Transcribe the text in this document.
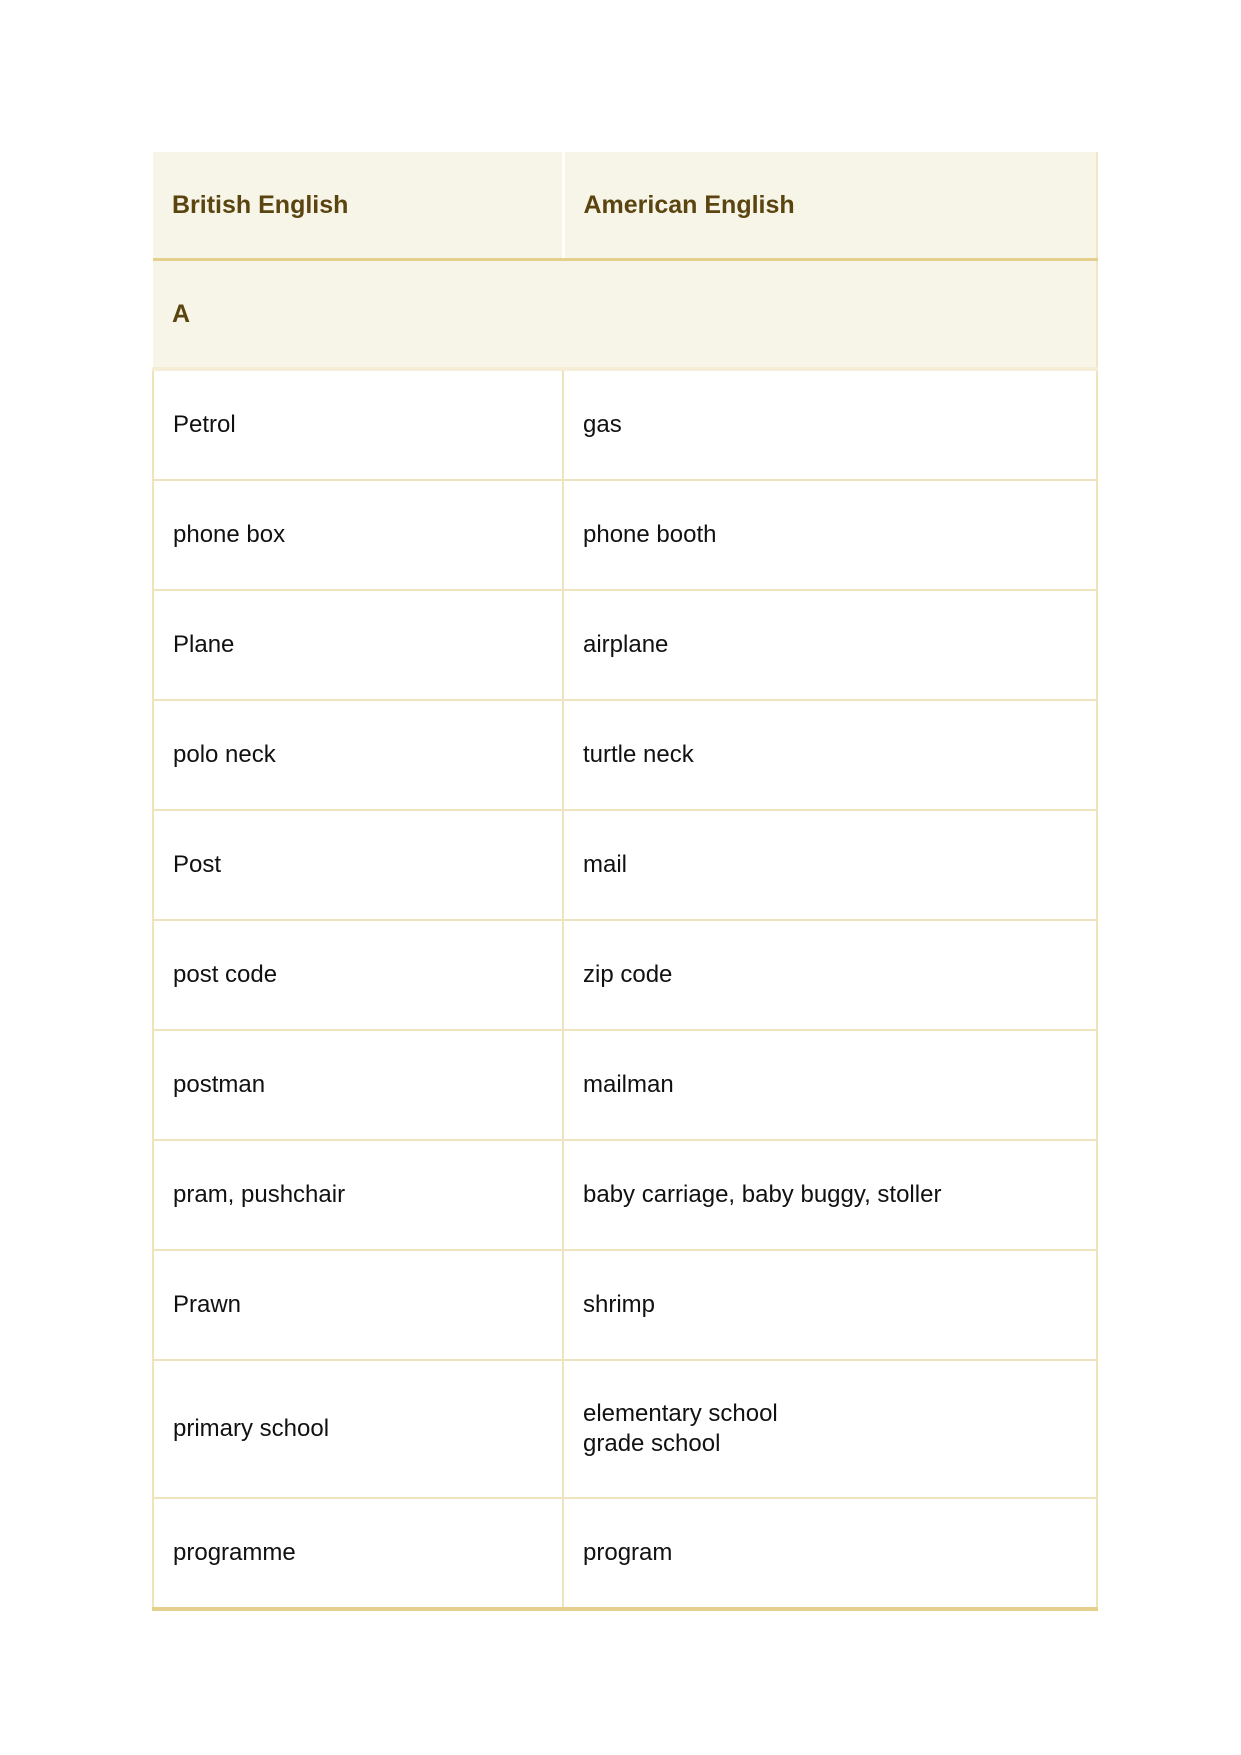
British English	American English
A	
Petrol	gas

phone box	phone booth

Plane	airplane

polo neck	turtle neck

Post	mail

post code	zip code

postman	mailman

pram, pushchair	baby carriage, baby buggy, stoller

Prawn	shrimp

primary school	elementary school
grade school

programme	program
